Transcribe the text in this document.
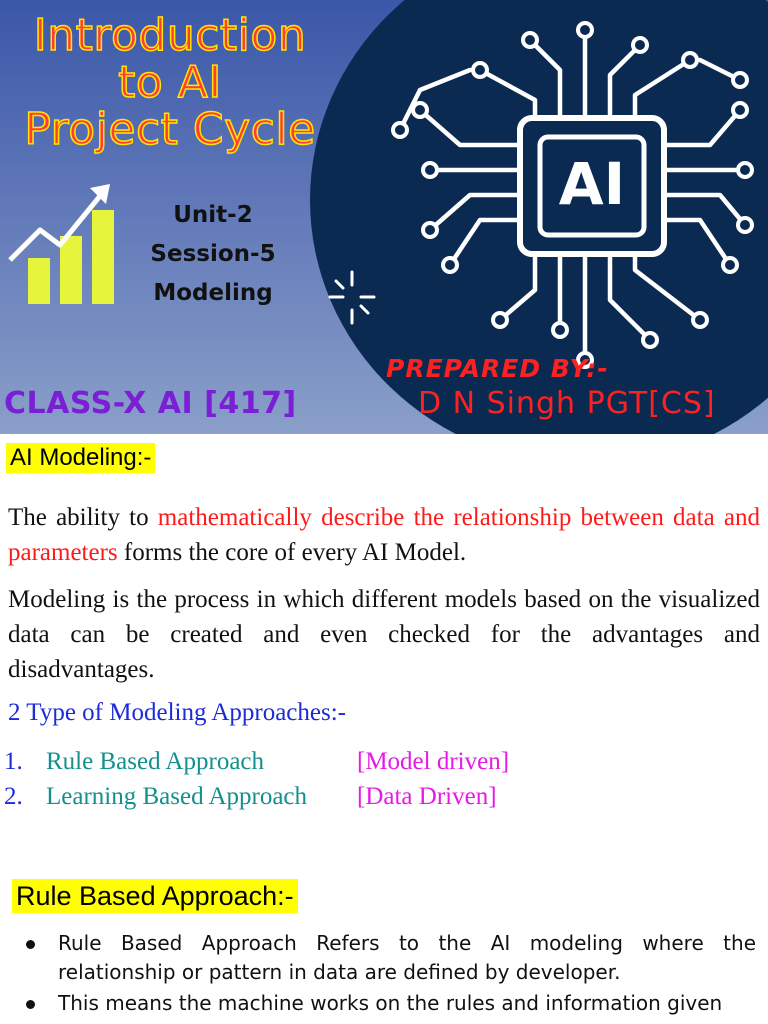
Introduction
to AI
Project Cycle
Unit-2
Session-5
Modeling
AI
PREPARED BY:-
D N Singh PGT[CS]
CLASS-X AI [417]
AI Modeling:-

The ability to mathematically describe the relationship between data and parameters forms the core of every AI Model.

Modeling is the process in which different models based on the visualized data can be created and even checked for the advantages and disadvantages.

2 Type of Modeling Approaches:-
1. Rule Based Approach	[Model driven]
2. Learning Based Approach [Data Driven]
Rule Based Approach:-
Rule Based Approach Refers to the AI modeling where the relationship or pattern in data are defined by developer.
This means the machine works on the rules and information given
